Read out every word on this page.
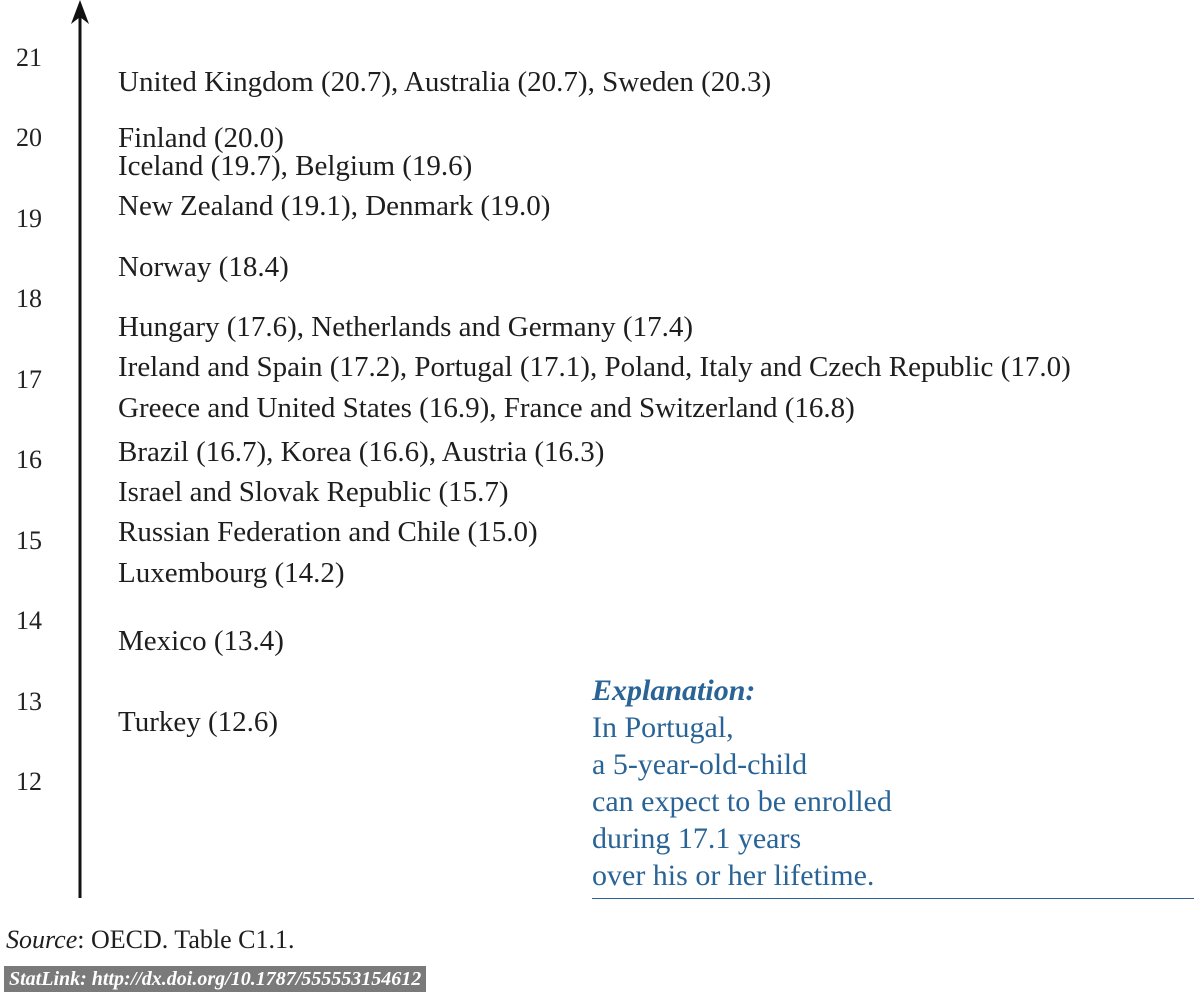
21
20
19
18
17
16
15
14
13
12
United Kingdom (20.7), Australia (20.7), Sweden (20.3)
Finland (20.0)
Iceland (19.7), Belgium (19.6)
New Zealand (19.1), Denmark (19.0)
Norway (18.4)
Hungary (17.6), Netherlands and Germany (17.4)
Ireland and Spain (17.2), Portugal (17.1), Poland, Italy and Czech Republic (17.0)
Greece and United States (16.9), France and Switzerland (16.8)
Brazil (16.7), Korea (16.6), Austria (16.3)
Israel and Slovak Republic (15.7)
Russian Federation and Chile (15.0)
Luxembourg (14.2)
Mexico (13.4)
Turkey (12.6)
Explanation:
In Portugal,
a 5-year-old-child
can expect to be enrolled
during 17.1 years
over his or her lifetime.
Source: OECD. Table C1.1.
StatLink: http://dx.doi.org/10.1787/555553154612
